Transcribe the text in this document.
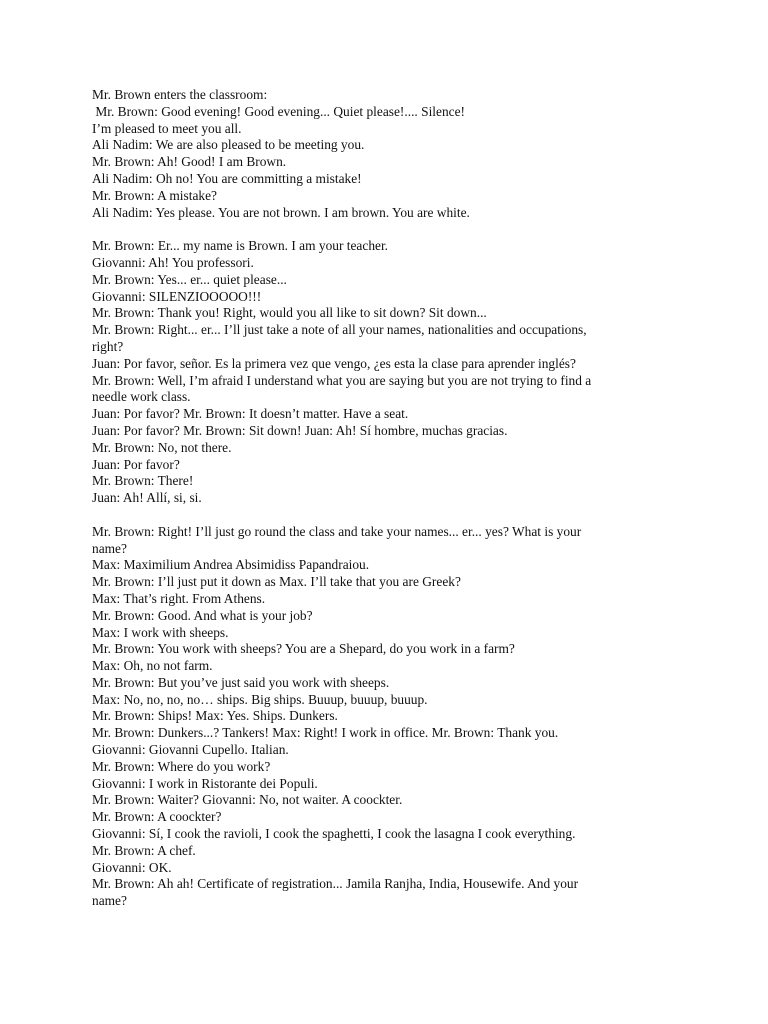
Mr. Brown enters the classroom:
Mr. Brown: Good evening! Good evening... Quiet please!.... Silence!
I’m pleased to meet you all.
Ali Nadim: We are also pleased to be meeting you.
Mr. Brown: Ah! Good! I am Brown.
Ali Nadim: Oh no! You are committing a mistake!
Mr. Brown: A mistake?
Ali Nadim: Yes please. You are not brown. I am brown. You are white.
Mr. Brown: Er... my name is Brown. I am your teacher.
Giovanni: Ah! You professori.
Mr. Brown: Yes... er... quiet please...
Giovanni: SILENZIOOOOO!!!
Mr. Brown: Thank you! Right, would you all like to sit down? Sit down...
Mr. Brown: Right... er... I’ll just take a note of all your names, nationalities and occupations,
right?
Juan: Por favor, señor. Es la primera vez que vengo, ¿es esta la clase para aprender inglés?
Mr. Brown: Well, I’m afraid I understand what you are saying but you are not trying to find a
needle work class.
Juan: Por favor? Mr. Brown: It doesn’t matter. Have a seat.
Juan: Por favor? Mr. Brown: Sit down! Juan: Ah! Sí hombre, muchas gracias.
Mr. Brown: No, not there.
Juan: Por favor?
Mr. Brown: There!
Juan: Ah! Allí, si, si.
Mr. Brown: Right! I’ll just go round the class and take your names... er... yes? What is your
name?
Max: Maximilium Andrea Absimidiss Papandraiou.
Mr. Brown: I’ll just put it down as Max. I’ll take that you are Greek?
Max: That’s right. From Athens.
Mr. Brown: Good. And what is your job?
Max: I work with sheeps.
Mr. Brown: You work with sheeps? You are a Shepard, do you work in a farm?
Max: Oh, no not farm.
Mr. Brown: But you’ve just said you work with sheeps.
Max: No, no, no, no… ships. Big ships. Buuup, buuup, buuup.
Mr. Brown: Ships! Max: Yes. Ships. Dunkers.
Mr. Brown: Dunkers...? Tankers! Max: Right! I work in office. Mr. Brown: Thank you.
Giovanni: Giovanni Cupello. Italian.
Mr. Brown: Where do you work?
Giovanni: I work in Ristorante dei Populi.
Mr. Brown: Waiter? Giovanni: No, not waiter. A coockter.
Mr. Brown: A coockter?
Giovanni: Sí, I cook the ravioli, I cook the spaghetti, I cook the lasagna I cook everything.
Mr. Brown: A chef.
Giovanni: OK.
Mr. Brown: Ah ah! Certificate of registration... Jamila Ranjha, India, Housewife. And your
name?
